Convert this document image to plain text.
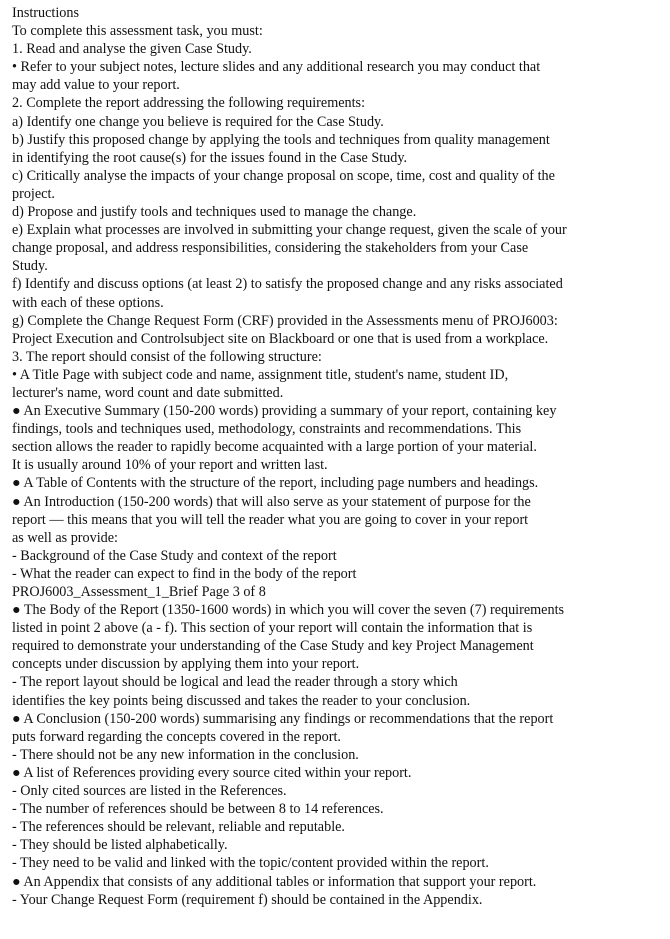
Instructions
To complete this assessment task, you must:
1. Read and analyse the given Case Study.
• Refer to your subject notes, lecture slides and any additional research you may conduct that
may add value to your report.
2. Complete the report addressing the following requirements:
a) Identify one change you believe is required for the Case Study.
b) Justify this proposed change by applying the tools and techniques from quality management
in identifying the root cause(s) for the issues found in the Case Study.
c) Critically analyse the impacts of your change proposal on scope, time, cost and quality of the
project.
d) Propose and justify tools and techniques used to manage the change.
e) Explain what processes are involved in submitting your change request, given the scale of your
change proposal, and address responsibilities, considering the stakeholders from your Case
Study.
f) Identify and discuss options (at least 2) to satisfy the proposed change and any risks associated
with each of these options.
g) Complete the Change Request Form (CRF) provided in the Assessments menu of PROJ6003:
Project Execution and Controlsubject site on Blackboard or one that is used from a workplace.
3. The report should consist of the following structure:
• A Title Page with subject code and name, assignment title, student's name, student ID,
lecturer's name, word count and date submitted.
● An Executive Summary (150-200 words) providing a summary of your report, containing key
findings, tools and techniques used, methodology, constraints and recommendations. This
section allows the reader to rapidly become acquainted with a large portion of your material.
It is usually around 10% of your report and written last.
● A Table of Contents with the structure of the report, including page numbers and headings.
● An Introduction (150-200 words) that will also serve as your statement of purpose for the
report — this means that you will tell the reader what you are going to cover in your report
as well as provide:
- Background of the Case Study and context of the report
- What the reader can expect to find in the body of the report
PROJ6003_Assessment_1_Brief Page 3 of 8
● The Body of the Report (1350-1600 words) in which you will cover the seven (7) requirements
listed in point 2 above (a - f). This section of your report will contain the information that is
required to demonstrate your understanding of the Case Study and key Project Management
concepts under discussion by applying them into your report.
- The report layout should be logical and lead the reader through a story which
identifies the key points being discussed and takes the reader to your conclusion.
● A Conclusion (150-200 words) summarising any findings or recommendations that the report
puts forward regarding the concepts covered in the report.
- There should not be any new information in the conclusion.
● A list of References providing every source cited within your report.
- Only cited sources are listed in the References.
- The number of references should be between 8 to 14 references.
- The references should be relevant, reliable and reputable.
- They should be listed alphabetically.
- They need to be valid and linked with the topic/content provided within the report.
● An Appendix that consists of any additional tables or information that support your report.
- Your Change Request Form (requirement f) should be contained in the Appendix.
